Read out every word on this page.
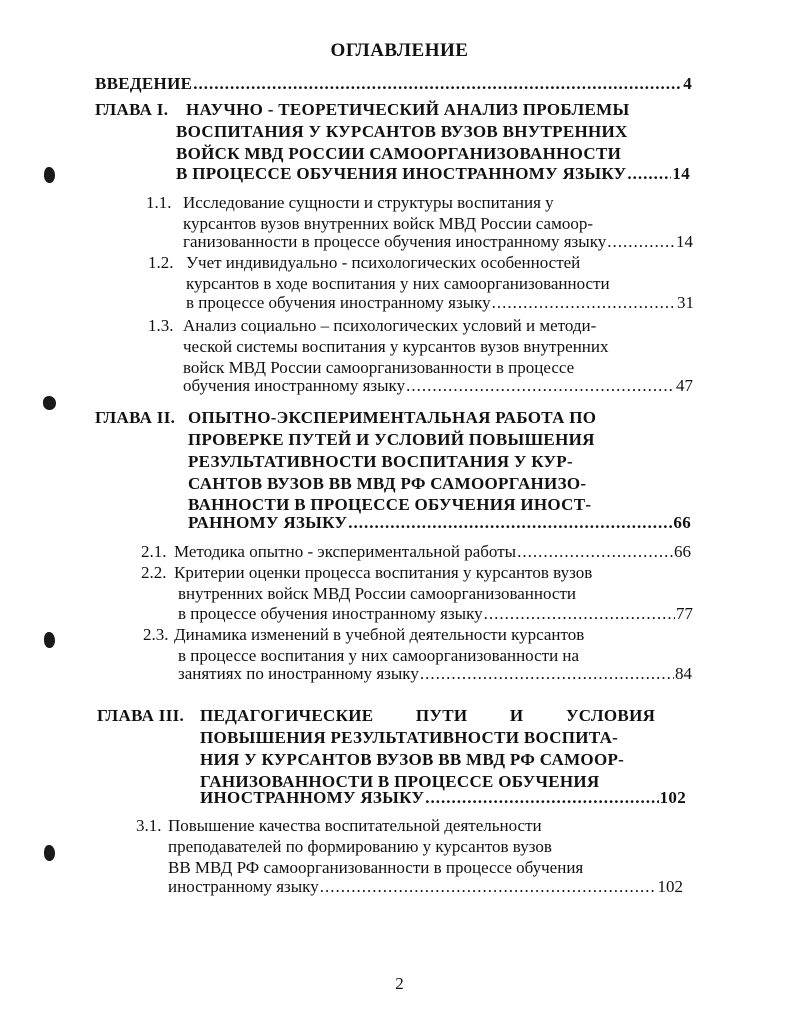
ОГЛАВЛЕНИЕ
ВВЕДЕНИЕ .....	4
ГЛАВА I. НАУЧНО - ТЕОРЕТИЧЕСКИЙ АНАЛИЗ ПРОБЛЕМЫ
ВОСПИТАНИЯ У КУРСАНТОВ ВУЗОВ ВНУТРЕННИХ
ВОЙСК МВД РОССИИ САМООРГАНИЗОВАННОСТИ
В ПРОЦЕССЕ ОБУЧЕНИЯ ИНОСТРАННОМУ ЯЗЫКУ .....	14
1.1. Исследование сущности и структуры воспитания у
курсантов вузов внутренних войск МВД России самоор-
ганизованности в процессе обучения иностранному языку .....	14
1.2. Учет индивидуально - психологических особенностей
курсантов в ходе воспитания у них самоорганизованности
в процессе обучения иностранному языку .....	31
1.3. Анализ социально – психологических условий и методи-
ческой системы воспитания у курсантов вузов внутренних
войск МВД России самоорганизованности в процессе
обучения иностранному языку .....	47
ГЛАВА II. ОПЫТНО-ЭКСПЕРИМЕНТАЛЬНАЯ РАБОТА ПО
ПРОВЕРКЕ ПУТЕЙ И УСЛОВИЙ ПОВЫШЕНИЯ
РЕЗУЛЬТАТИВНОСТИ ВОСПИТАНИЯ У КУР-
САНТОВ ВУЗОВ ВВ МВД РФ САМООРГАНИЗО-
ВАННОСТИ В ПРОЦЕССЕ ОБУЧЕНИЯ ИНОСТ-
РАННОМУ ЯЗЫКУ .....	66
2.1. Методика опытно - экспериментальной работы .....	66
2.2. Критерии оценки процесса воспитания у курсантов вузов
внутренних войск МВД России самоорганизованности
в процессе обучения иностранному языку .....	77
2.3. Динамика изменений в учебной деятельности курсантов
в процессе воспитания у них самоорганизованности на
занятиях по иностранному языку .....	84
ГЛАВА III. ПЕДАГОГИЧЕСКИЕ ПУТИ И УСЛОВИЯ
ПОВЫШЕНИЯ РЕЗУЛЬТАТИВНОСТИ ВОСПИТА-
НИЯ У КУРСАНТОВ ВУЗОВ ВВ МВД РФ САМООР-
ГАНИЗОВАННОСТИ В ПРОЦЕССЕ ОБУЧЕНИЯ
ИНОСТРАННОМУ ЯЗЫКУ .....	102
3.1. Повышение качества воспитательной деятельности
преподавателей по формированию у курсантов вузов
ВВ МВД РФ самоорганизованности в процессе обучения
иностранному языку .....	102
2
